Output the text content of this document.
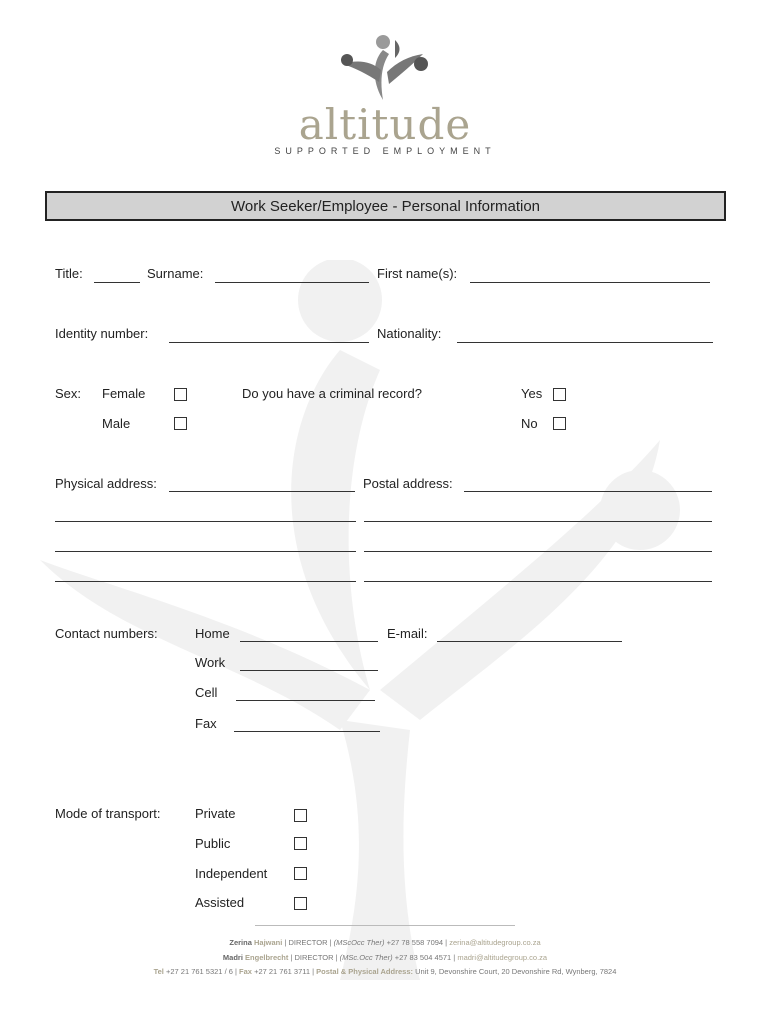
altitude
SUPPORTED EMPLOYMENT
Work Seeker/Employee - Personal Information
Title:	Surname:	First name(s):
Identity number:	Nationality:
Sex: Female
Male
Do you have a criminal record?	Yes
No
Physical address:	Postal address:
Contact numbers:	Home	E-mail:
Work
Cell
Fax
Mode of transport:	Private
Public
Independent
Assisted
Zerina Hajwani | DIRECTOR | (MScOcc Ther) +27 78 558 7094 | zerina@altitudegroup.co.za
Madri Engelbrecht | DIRECTOR | (MSc.Occ Ther) +27 83 504 4571 | madri@altitudegroup.co.za
Tel +27 21 761 5321 / 6 | Fax +27 21 761 3711 | Postal & Physical Address: Unit 9, Devonshire Court, 20 Devonshire Rd, Wynberg, 7824
